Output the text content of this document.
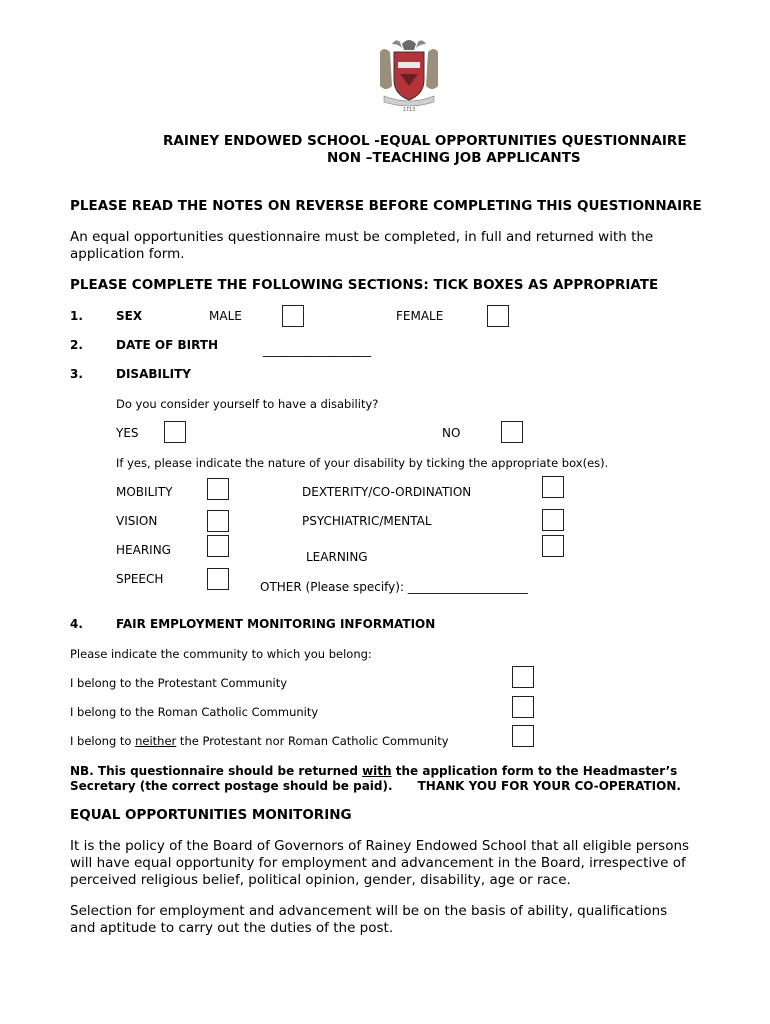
1713
RAINEY ENDOWED SCHOOL -EQUAL OPPORTUNITIES QUESTIONNAIRE
NON –TEACHING JOB APPLICANTS
PLEASE READ THE NOTES ON REVERSE BEFORE COMPLETING THIS QUESTIONNAIRE
An equal opportunities questionnaire must be completed, in full and returned with the application form.
PLEASE COMPLETE THE FOLLOWING SECTIONS: TICK BOXES AS APPROPRIATE
1.	SEX	MALE	FEMALE
2.	DATE OF BIRTH	__________________
3.	DISABILITY
Do you consider yourself to have a disability?
YES	NO
If yes, please indicate the nature of your disability by ticking the appropriate box(es).
MOBILITY	DEXTERITY/CO-ORDINATION
VISION	PSYCHIATRIC/MENTAL
HEARING	LEARNING
SPEECH
OTHER (Please specify): ____________________
4.	FAIR EMPLOYMENT MONITORING INFORMATION
Please indicate the community to which you belong:
I belong to the Protestant Community
I belong to the Roman Catholic Community
I belong to neither the Protestant nor Roman Catholic Community
NB. This questionnaire should be returned with the application form to the Headmaster’s
Secretary (the correct postage should be paid).      THANK YOU FOR YOUR CO-OPERATION.
EQUAL OPPORTUNITIES MONITORING
It is the policy of the Board of Governors of Rainey Endowed School that all eligible persons will have equal opportunity for employment and advancement in the Board, irrespective of perceived religious belief, political opinion, gender, disability, age or race.
Selection for employment and advancement will be on the basis of ability, qualifications and aptitude to carry out the duties of the post.
